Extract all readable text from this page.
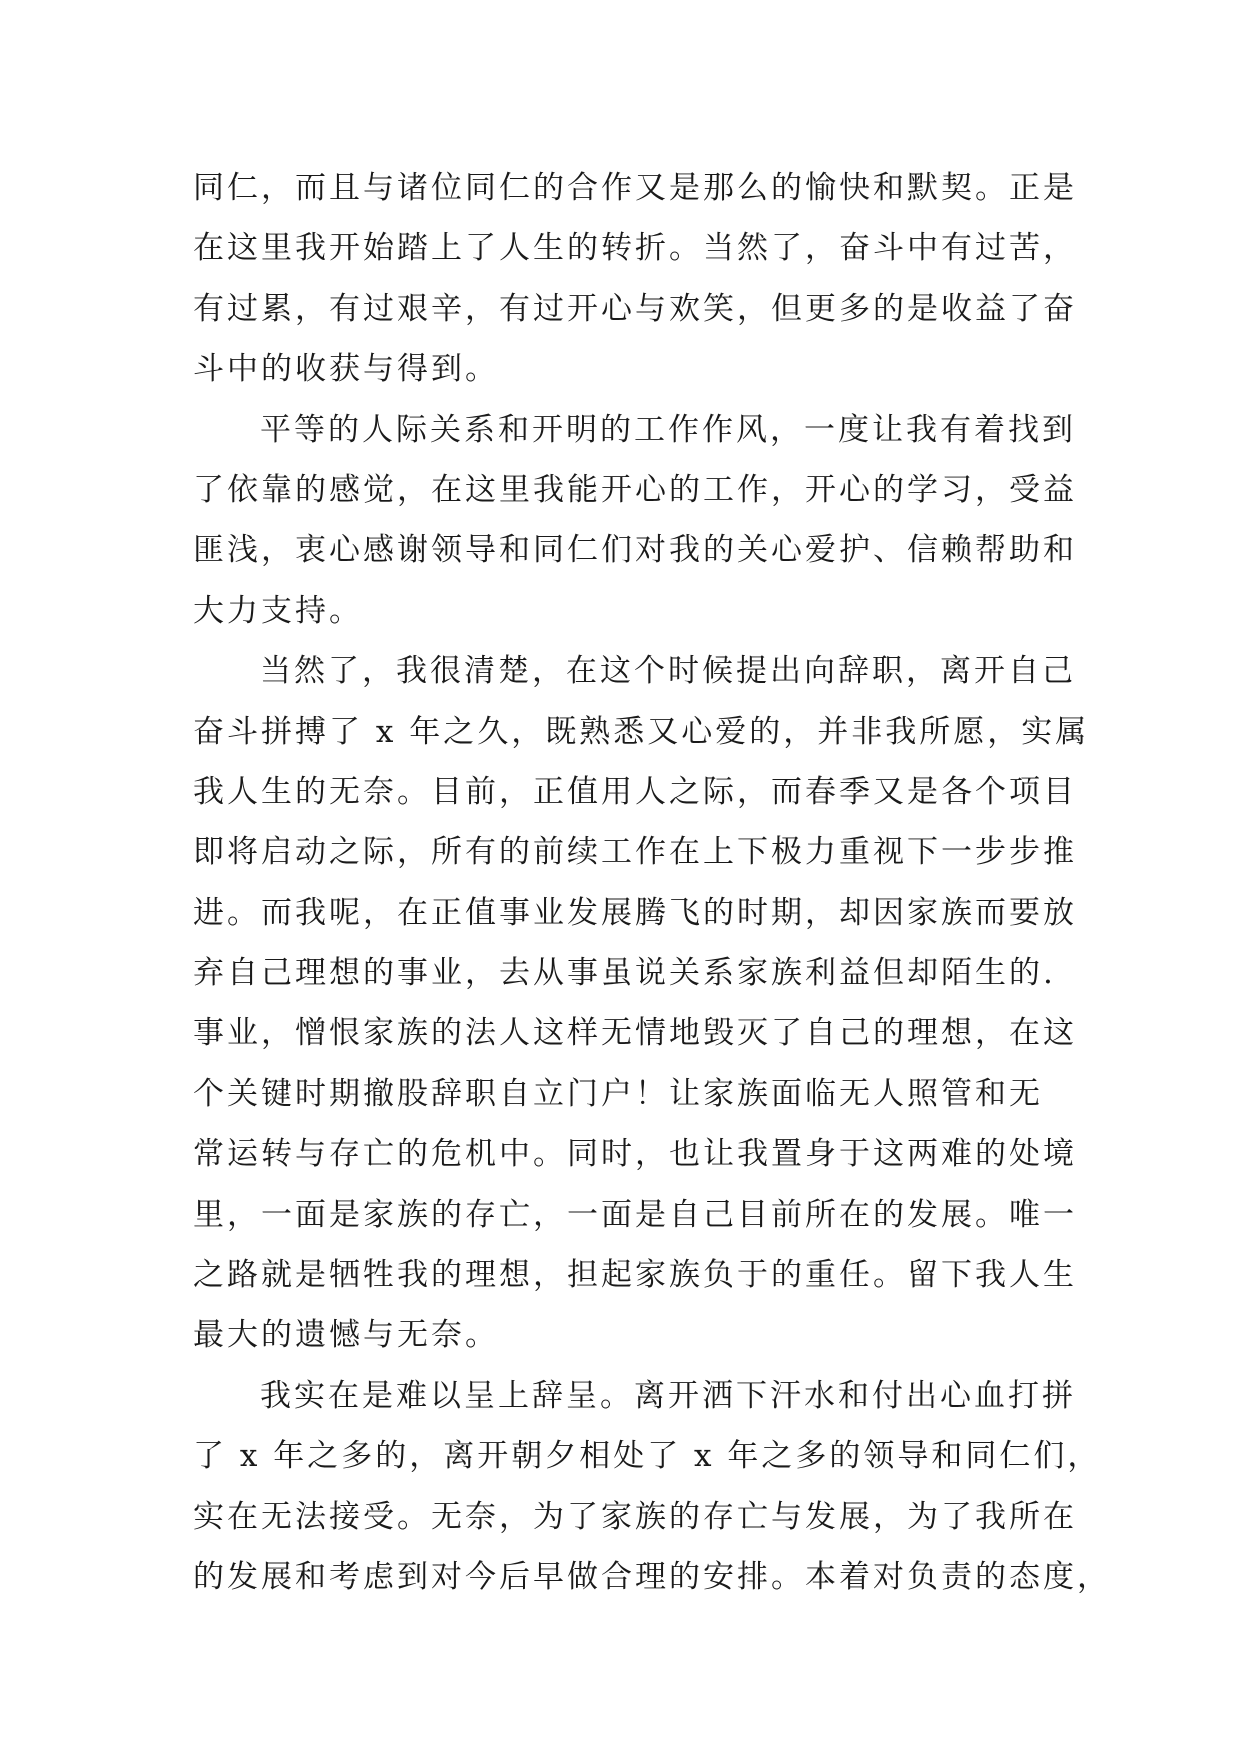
同仁，而且与诸位同仁的合作又是那么的愉快和默契。正是
在这里我开始踏上了人生的转折。当然了，奋斗中有过苦，
有过累，有过艰辛，有过开心与欢笑，但更多的是收益了奋
斗中的收获与得到。
平等的人际关系和开明的工作作风，一度让我有着找到
了依靠的感觉，在这里我能开心的工作，开心的学习，受益
匪浅，衷心感谢领导和同仁们对我的关心爱护、信赖帮助和
大力支持。
当然了，我很清楚，在这个时候提出向辞职，离开自己
奋斗拼搏了 x 年之久，既熟悉又心爱的，并非我所愿，实属
我人生的无奈。目前，正值用人之际，而春季又是各个项目
即将启动之际，所有的前续工作在上下极力重视下一步步推
进。而我呢，在正值事业发展腾飞的时期，却因家族而要放
弃自己理想的事业，去从事虽说关系家族利益但却陌生的.
事业，憎恨家族的法人这样无情地毁灭了自己的理想，在这
个关键时期撤股辞职自立门户！让家族面临无人照管和无
常运转与存亡的危机中。同时，也让我置身于这两难的处境
里，一面是家族的存亡，一面是自己目前所在的发展。唯一
之路就是牺牲我的理想，担起家族负于的重任。留下我人生
最大的遗憾与无奈。
我实在是难以呈上辞呈。离开洒下汗水和付出心血打拼
了 x 年之多的，离开朝夕相处了 x 年之多的领导和同仁们，
实在无法接受。无奈，为了家族的存亡与发展，为了我所在
的发展和考虑到对今后早做合理的安排。本着对负责的态度，
